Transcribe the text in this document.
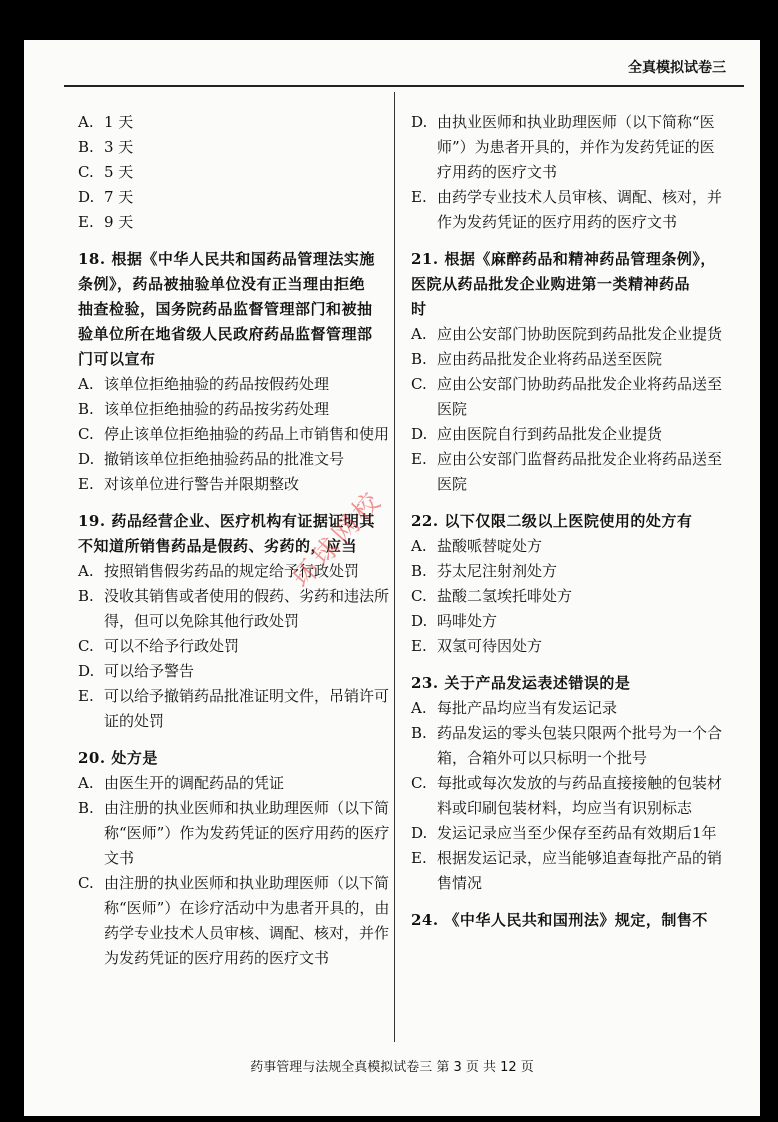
全真模拟试卷三
A. 1 天
B. 3 天
C. 5 天
D. 7 天
E. 9 天
18. 根据《中华人民共和国药品管理法实施
条例》，药品被抽验单位没有正当理由拒绝
抽查检验，国务院药品监督管理部门和被抽
验单位所在地省级人民政府药品监督管理部
门可以宣布
A. 该单位拒绝抽验的药品按假药处理
B. 该单位拒绝抽验的药品按劣药处理
C. 停止该单位拒绝抽验的药品上市销售和使用
D. 撤销该单位拒绝抽验药品的批准文号
E. 对该单位进行警告并限期整改
19. 药品经营企业、医疗机构有证据证明其
不知道所销售药品是假药、劣药的，应当
A. 按照销售假劣药品的规定给予行政处罚
B. 没收其销售或者使用的假药、劣药和违法所得，但可以免除其他行政处罚
C. 可以不给予行政处罚
D. 可以给予警告
E. 可以给予撤销药品批准证明文件，吊销许可证的处罚
20. 处方是
A. 由医生开的调配药品的凭证
B. 由注册的执业医师和执业助理医师（以下简称“医师”）作为发药凭证的医疗用药的医疗文书
C. 由注册的执业医师和执业助理医师（以下简称“医师”）在诊疗活动中为患者开具的，由药学专业技术人员审核、调配、核对，并作为发药凭证的医疗用药的医疗文书
D. 由执业医师和执业助理医师（以下简称“医师”）为患者开具的，并作为发药凭证的医疗用药的医疗文书
E. 由药学专业技术人员审核、调配、核对，并作为发药凭证的医疗用药的医疗文书
21. 根据《麻醉药品和精神药品管理条例》，
医院从药品批发企业购进第一类精神药品
时
A. 应由公安部门协助医院到药品批发企业提货
B. 应由药品批发企业将药品送至医院
C. 应由公安部门协助药品批发企业将药品送至医院
D. 应由医院自行到药品批发企业提货
E. 应由公安部门监督药品批发企业将药品送至医院
22. 以下仅限二级以上医院使用的处方有
A. 盐酸哌替啶处方
B. 芬太尼注射剂处方
C. 盐酸二氢埃托啡处方
D. 吗啡处方
E. 双氢可待因处方
23. 关于产品发运表述错误的是
A. 每批产品均应当有发运记录
B. 药品发运的零头包装只限两个批号为一个合箱，合箱外可以只标明一个批号
C. 每批或每次发放的与药品直接接触的包装材料或印刷包装材料，均应当有识别标志
D. 发运记录应当至少保存至药品有效期后1年
E. 根据发运记录，应当能够追查每批产品的销售情况
24. 《中华人民共和国刑法》规定，制售不
环球网校
药事管理与法规全真模拟试卷三 第 3 页 共 12 页
